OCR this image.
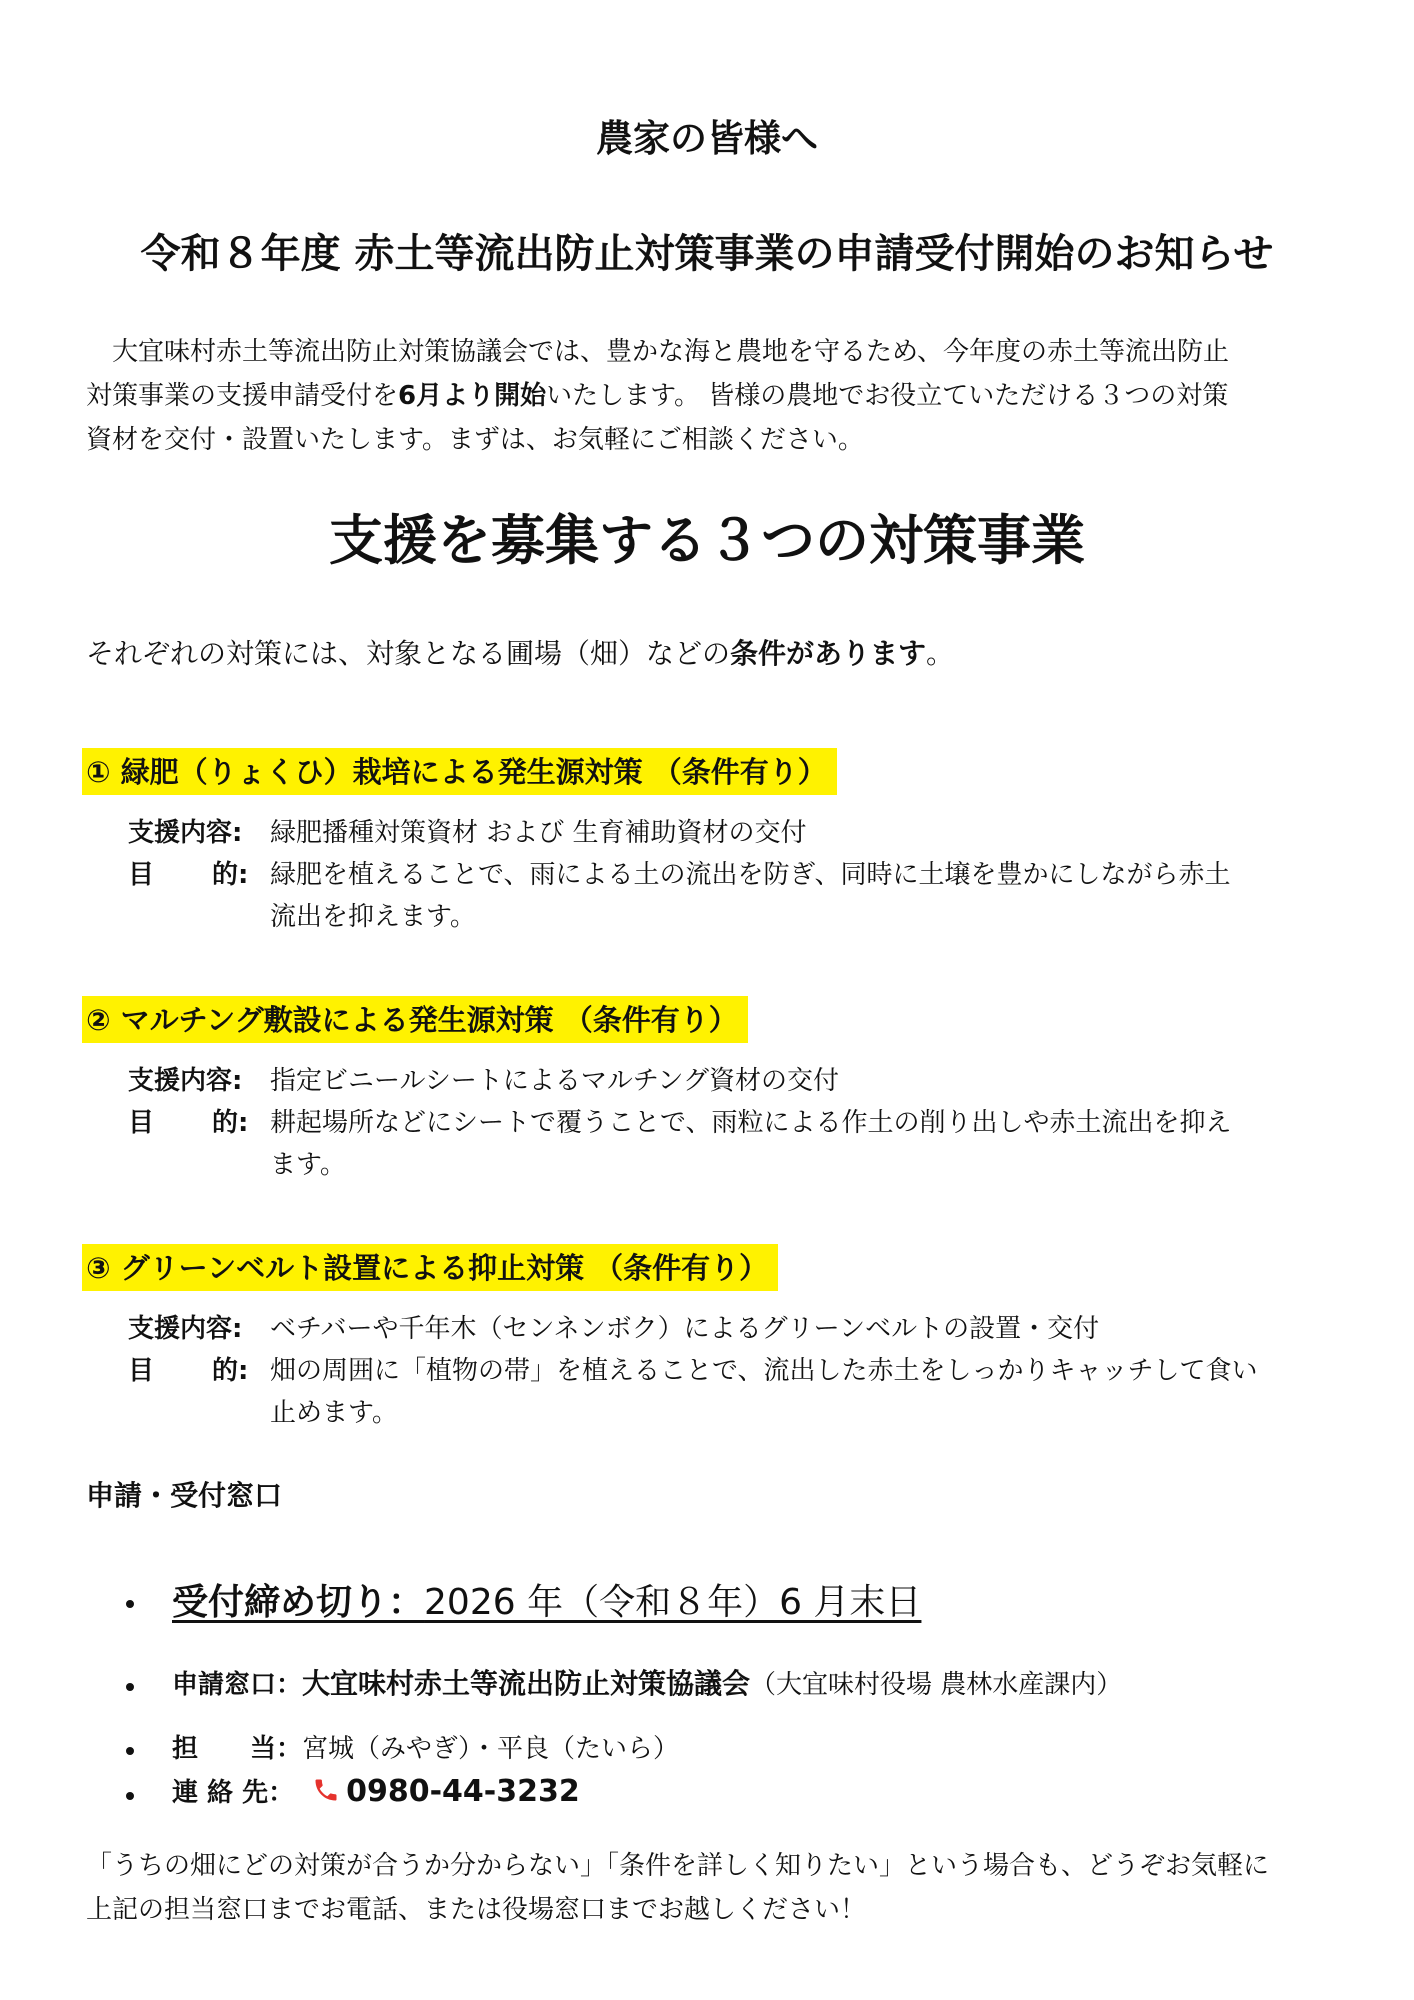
農家の皆様へ
令和８年度 赤土等流出防止対策事業の申請受付開始のお知らせ

　大宜味村赤土等流出防止対策協議会では、豊かな海と農地を守るため、今年度の赤土等流出防止

対策事業の支援申請受付を6月より開始いたします。 皆様の農地でお役立ていただける３つの対策

資材を交付・設置いたします。まずは、お気軽にご相談ください。

支援を募集する３つの対策事業
それぞれの対策には、対象となる圃場（畑）などの条件があります。
① 緑肥（りょくひ）栽培による発生源対策 （条件有り）
支援内容:	緑肥播種対策資材 および 生育補助資材の交付
目 的: 緑肥を植えることで、雨による土の流出を防ぎ、同時に土壌を豊かにしながら赤土
流出を抑えます。
② マルチング敷設による発生源対策 （条件有り）
支援内容:	指定ビニールシートによるマルチング資材の交付
目 的: 耕起場所などにシートで覆うことで、雨粒による作土の削り出しや赤土流出を抑え
ます。
③ グリーンベルト設置による抑止対策 （条件有り）
支援内容:	ベチバーや千年木（センネンボク）によるグリーンベルトの設置・交付
目 的: 畑の周囲に「植物の帯」を植えることで、流出した赤土をしっかりキャッチして食い
止めます。
申請・受付窓口
受付締め切り：2026 年（令和８年）6 月末日
申請窓口：大宜味村赤土等流出防止対策協議会（大宜味村役場 農林水産課内）
担　　当：宮城（みやぎ）・平良（たいら）
連 絡 先： 0980-44-3232

「うちの畑にどの対策が合うか分からない」「条件を詳しく知りたい」という場合も、どうぞお気軽に

上記の担当窓口までお電話、または役場窓口までお越しください！
